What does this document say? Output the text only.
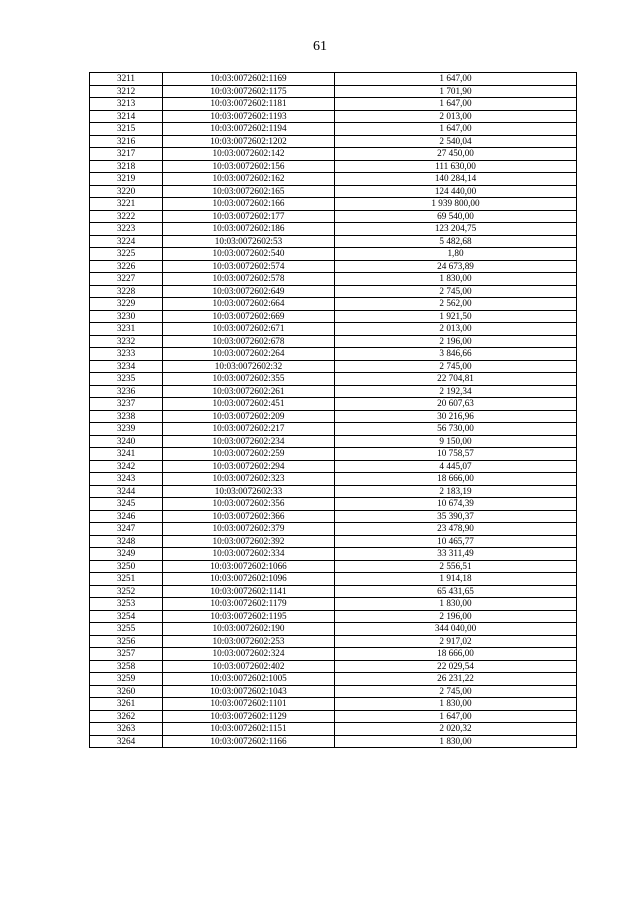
61
3211	10:03:0072602:1169	1 647,00
3212	10:03:0072602:1175	1 701,90
3213	10:03:0072602:1181	1 647,00
3214	10:03:0072602:1193	2 013,00
3215	10:03:0072602:1194	1 647,00
3216	10:03:0072602:1202	2 540,04
3217	10:03:0072602:142	27 450,00
3218	10:03:0072602:156	111 630,00
3219	10:03:0072602:162	140 284,14
3220	10:03:0072602:165	124 440,00
3221	10:03:0072602:166	1 939 800,00
3222	10:03:0072602:177	69 540,00
3223	10:03:0072602:186	123 204,75
3224	10:03:0072602:53	5 482,68
3225	10:03:0072602:540	1,80
3226	10:03:0072602:574	24 673,89
3227	10:03:0072602:578	1 830,00
3228	10:03:0072602:649	2 745,00
3229	10:03:0072602:664	2 562,00
3230	10:03:0072602:669	1 921,50
3231	10:03:0072602:671	2 013,00
3232	10:03:0072602:678	2 196,00
3233	10:03:0072602:264	3 846,66
3234	10:03:0072602:32	2 745,00
3235	10:03:0072602:355	22 704,81
3236	10:03:0072602:261	2 192,34
3237	10:03:0072602:451	20 607,63
3238	10:03:0072602:209	30 216,96
3239	10:03:0072602:217	56 730,00
3240	10:03:0072602:234	9 150,00
3241	10:03:0072602:259	10 758,57
3242	10:03:0072602:294	4 445,07
3243	10:03:0072602:323	18 666,00
3244	10:03:0072602:33	2 183,19
3245	10:03:0072602:356	10 674,39
3246	10:03:0072602:366	35 390,37
3247	10:03:0072602:379	23 478,90
3248	10:03:0072602:392	10 465,77
3249	10:03:0072602:334	33 311,49
3250	10:03:0072602:1066	2 556,51
3251	10:03:0072602:1096	1 914,18
3252	10:03:0072602:1141	65 431,65
3253	10:03:0072602:1179	1 830,00
3254	10:03:0072602:1195	2 196,00
3255	10:03:0072602:190	344 040,00
3256	10:03:0072602:253	2 917,02
3257	10:03:0072602:324	18 666,00
3258	10:03:0072602:402	22 029,54
3259	10:03:0072602:1005	26 231,22
3260	10:03:0072602:1043	2 745,00
3261	10:03:0072602:1101	1 830,00
3262	10:03:0072602:1129	1 647,00
3263	10:03:0072602:1151	2 020,32
3264	10:03:0072602:1166	1 830,00
